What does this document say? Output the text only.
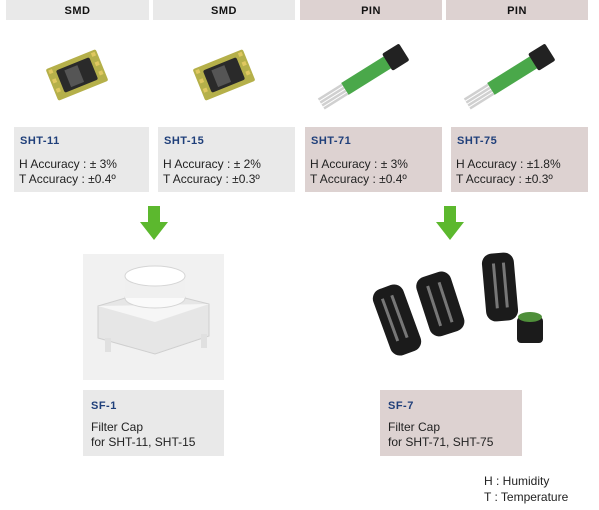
SMD	SMD	PIN	PIN
SHT-11
H Accuracy : ± 3%
T Accuracy : ±0.4º
SHT-15
H Accuracy : ± 2%
T Accuracy : ±0.3º
SHT-71
H Accuracy : ± 3%
T Accuracy : ±0.4º
SHT-75
H Accuracy : ±1.8%
T Accuracy : ±0.3º
SF-1
Filter Cap
for SHT-11, SHT-15
SF-7
Filter Cap
for SHT-71, SHT-75
H : Humidity
T : Temperature
